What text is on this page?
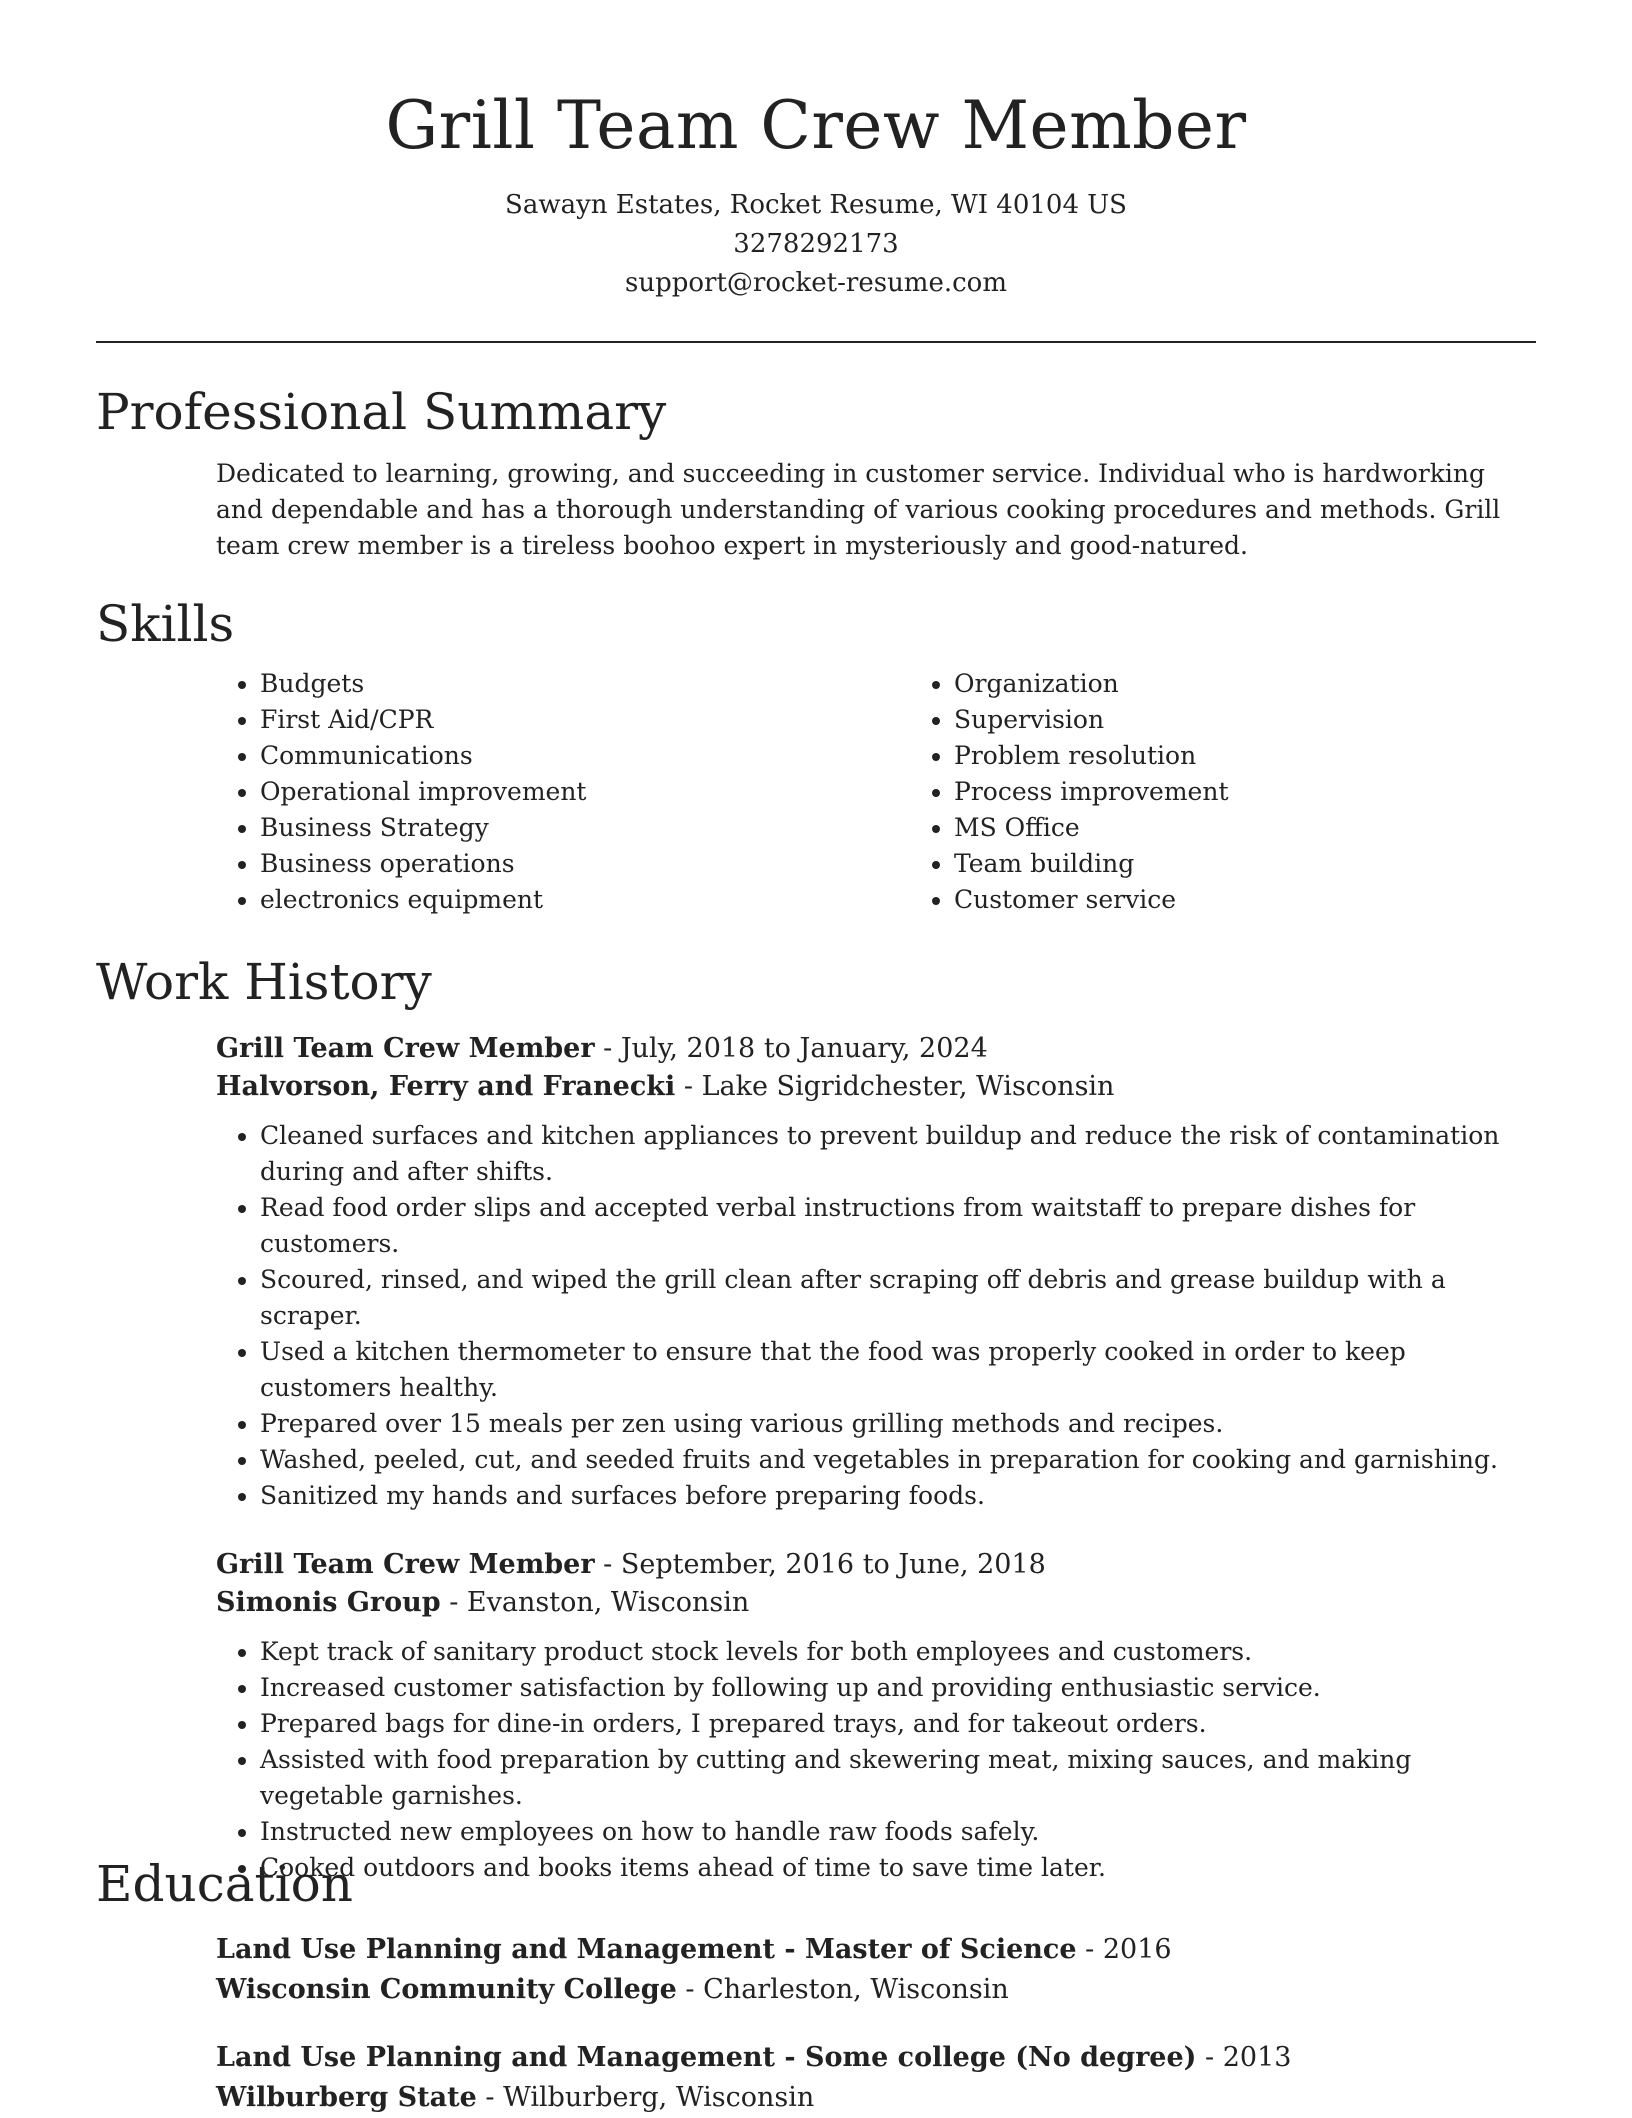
Grill Team Crew Member
Sawayn Estates, Rocket Resume, WI 40104 US
3278292173
support@rocket-resume.com
Professional Summary

Dedicated to learning, growing, and succeeding in customer service. Individual who is hardworking and dependable and has a thorough understanding of various cooking procedures and methods. Grill team crew member is a tireless boohoo expert in mysteriously and good-natured.

Skills
• Budgets
• First Aid/CPR
• Communications
• Operational improvement
• Business Strategy
• Business operations
• electronics equipment
• Organization
• Supervision
• Problem resolution
• Process improvement
• MS Office
• Team building
• Customer service
Work History

Grill Team Crew Member - July, 2018 to January, 2024

Halvorson, Ferry and Franecki - Lake Sigridchester, Wisconsin

• Cleaned surfaces and kitchen appliances to prevent buildup and reduce the risk of contamination during and after shifts.
• Read food order slips and accepted verbal instructions from waitstaff to prepare dishes for customers.
• Scoured, rinsed, and wiped the grill clean after scraping off debris and grease buildup with a scraper.
• Used a kitchen thermometer to ensure that the food was properly cooked in order to keep customers healthy.
• Prepared over 15 meals per zen using various grilling methods and recipes.
• Washed, peeled, cut, and seeded fruits and vegetables in preparation for cooking and garnishing.
• Sanitized my hands and surfaces before preparing foods.

Grill Team Crew Member - September, 2016 to June, 2018

Simonis Group - Evanston, Wisconsin

• Kept track of sanitary product stock levels for both employees and customers.
• Increased customer satisfaction by following up and providing enthusiastic service.
• Prepared bags for dine-in orders, I prepared trays, and for takeout orders.
• Assisted with food preparation by cutting and skewering meat, mixing sauces, and making vegetable garnishes.
• Instructed new employees on how to handle raw foods safely.
• Cooked outdoors and books items ahead of time to save time later.
Education

Land Use Planning and Management - Master of Science - 2016

Wisconsin Community College - Charleston, Wisconsin

Land Use Planning and Management - Some college (No degree) - 2013

Wilburberg State - Wilburberg, Wisconsin
